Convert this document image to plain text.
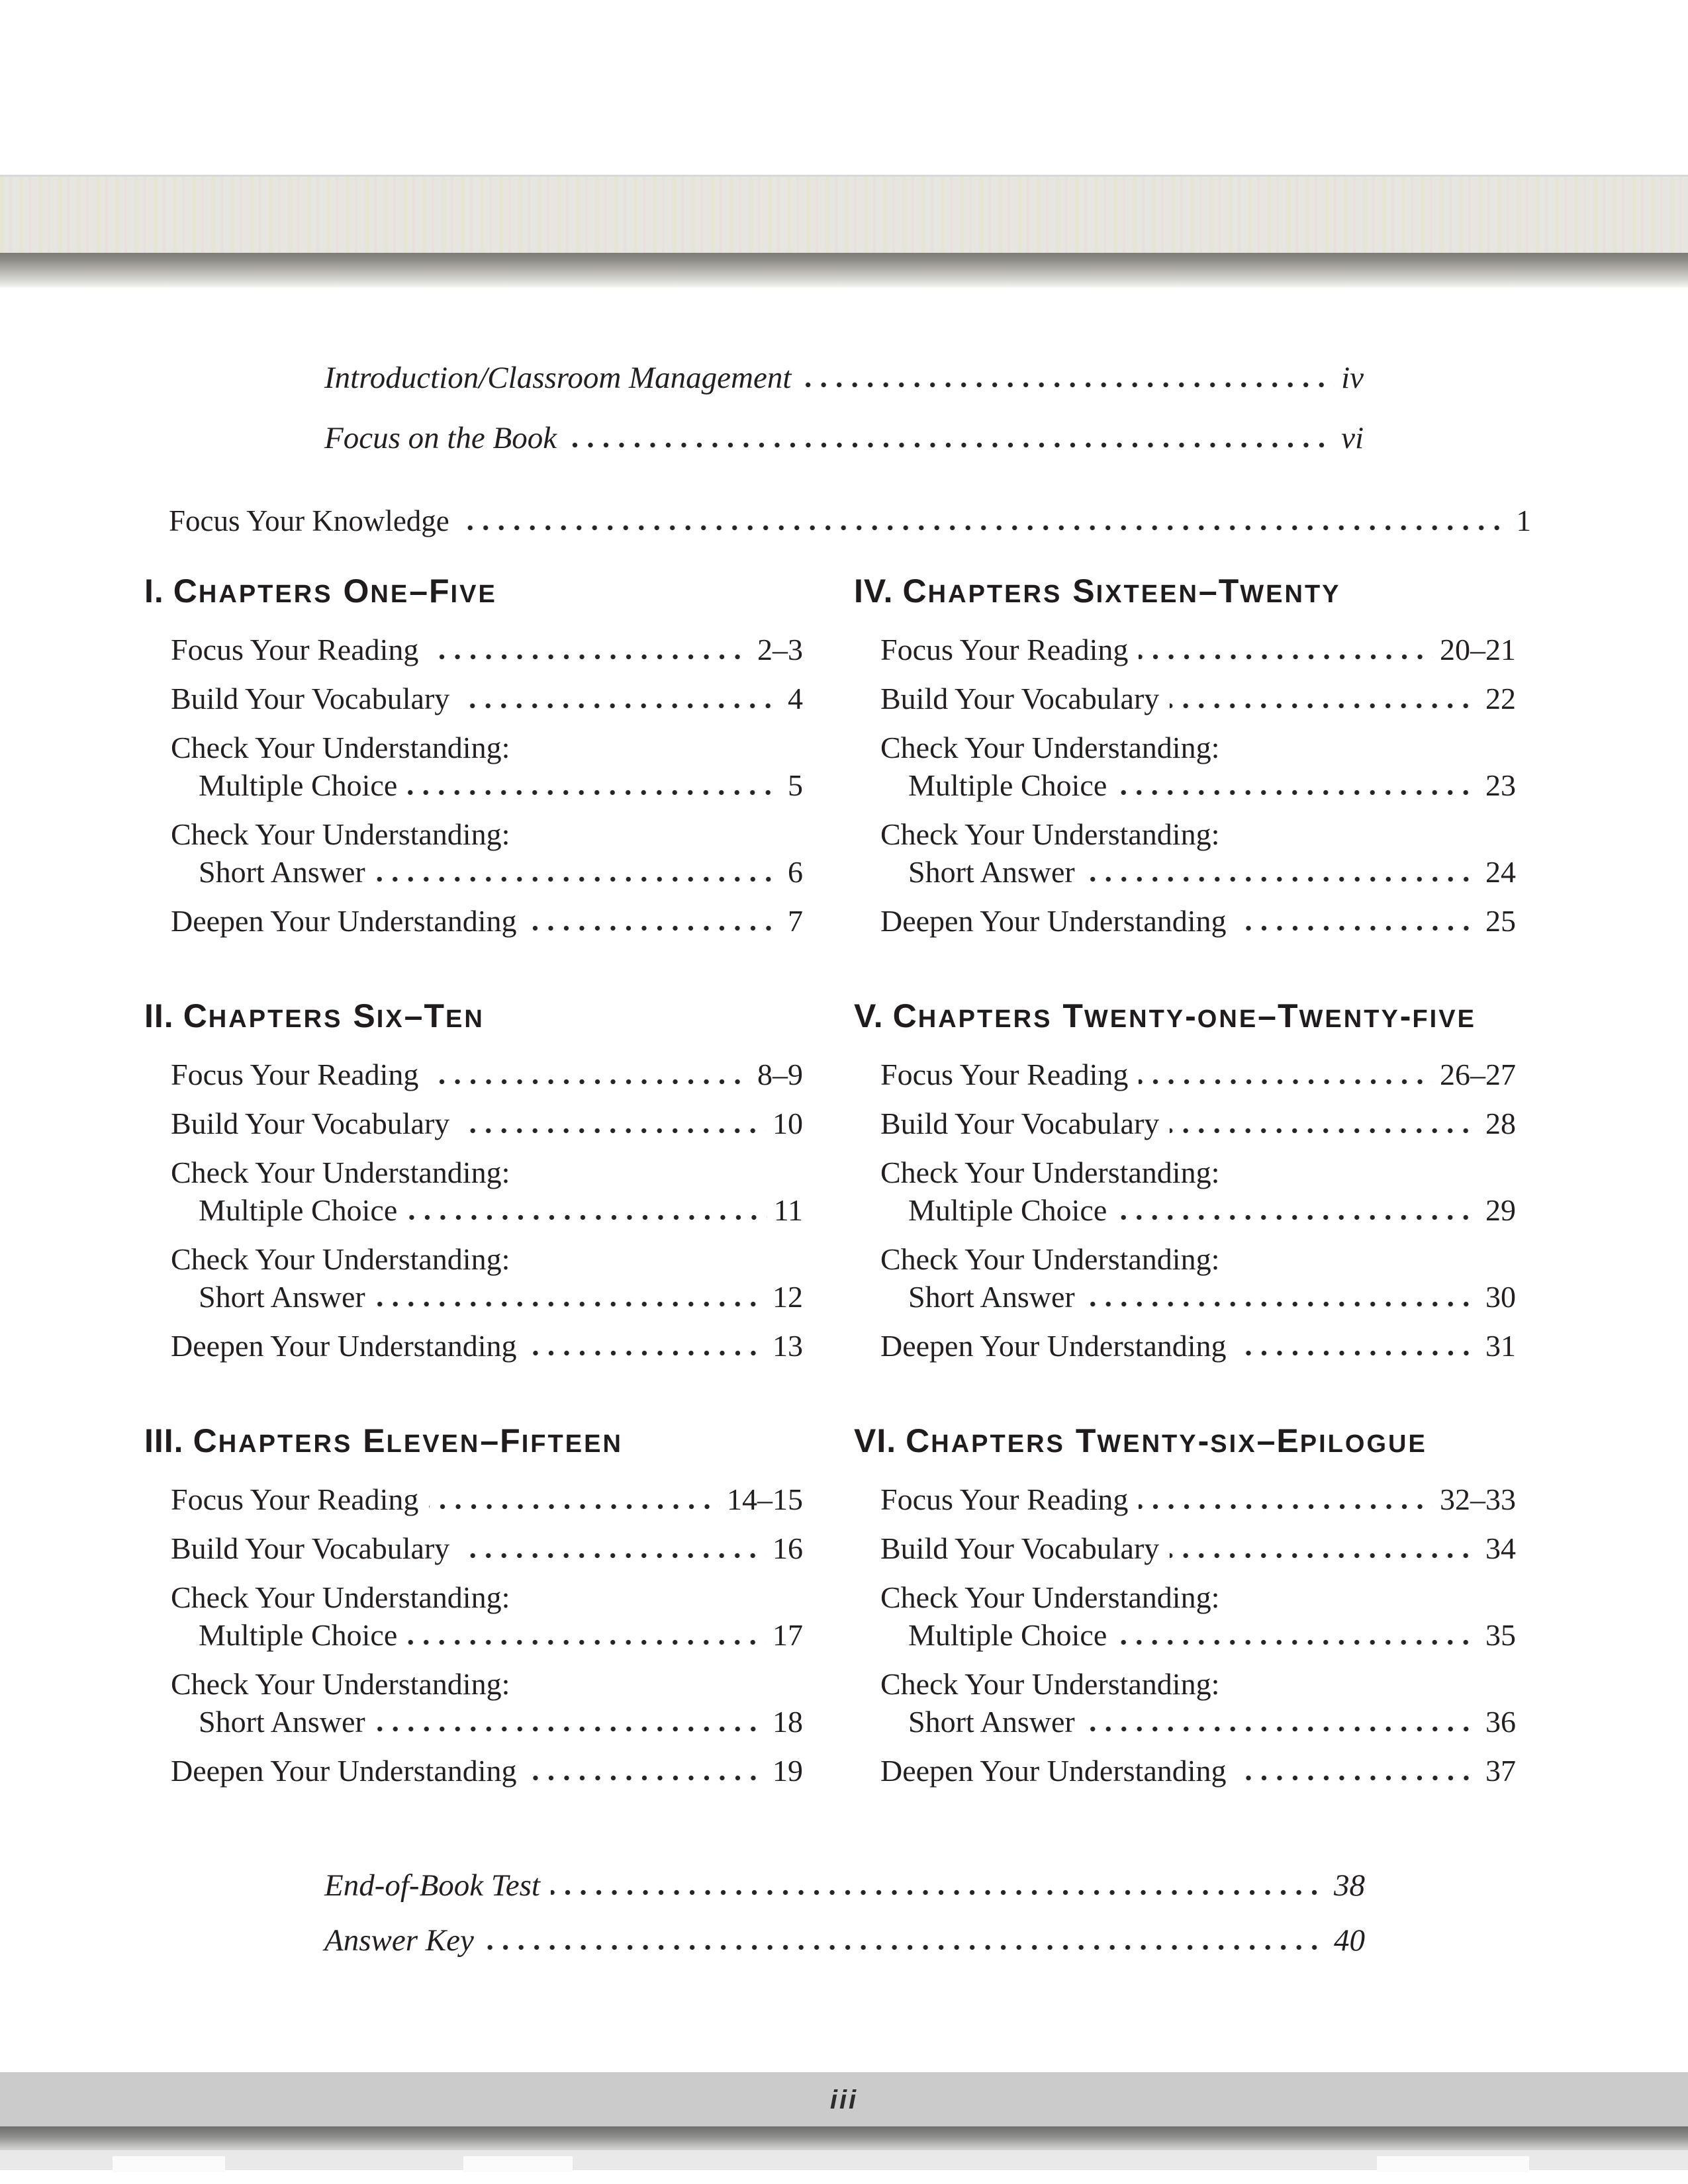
Introduction/Classroom Management	iv
Focus on the Book	vi
Focus Your Knowledge	1
I. CHAPTERS ONE–FIVE
Focus Your Reading	2–3
Build Your Vocabulary	4
Check Your Understanding:
Multiple Choice	5
Check Your Understanding:
Short Answer	6
Deepen Your Understanding	7
II. CHAPTERS SIX–TEN
Focus Your Reading	8–9
Build Your Vocabulary	10
Check Your Understanding:
Multiple Choice	11
Check Your Understanding:
Short Answer	12
Deepen Your Understanding	13
III. CHAPTERS ELEVEN–FIFTEEN
Focus Your Reading	14–15
Build Your Vocabulary	16
Check Your Understanding:
Multiple Choice	17
Check Your Understanding:
Short Answer	18
Deepen Your Understanding	19
IV. CHAPTERS SIXTEEN–TWENTY
Focus Your Reading	20–21
Build Your Vocabulary	22
Check Your Understanding:
Multiple Choice	23
Check Your Understanding:
Short Answer	24
Deepen Your Understanding	25
V. CHAPTERS TWENTY-ONE–TWENTY-FIVE
Focus Your Reading	26–27
Build Your Vocabulary	28
Check Your Understanding:
Multiple Choice	29
Check Your Understanding:
Short Answer	30
Deepen Your Understanding	31
VI. CHAPTERS TWENTY-SIX–EPILOGUE
Focus Your Reading	32–33
Build Your Vocabulary	34
Check Your Understanding:
Multiple Choice	35
Check Your Understanding:
Short Answer	36
Deepen Your Understanding	37
End-of-Book Test	38
Answer Key	40
iii
